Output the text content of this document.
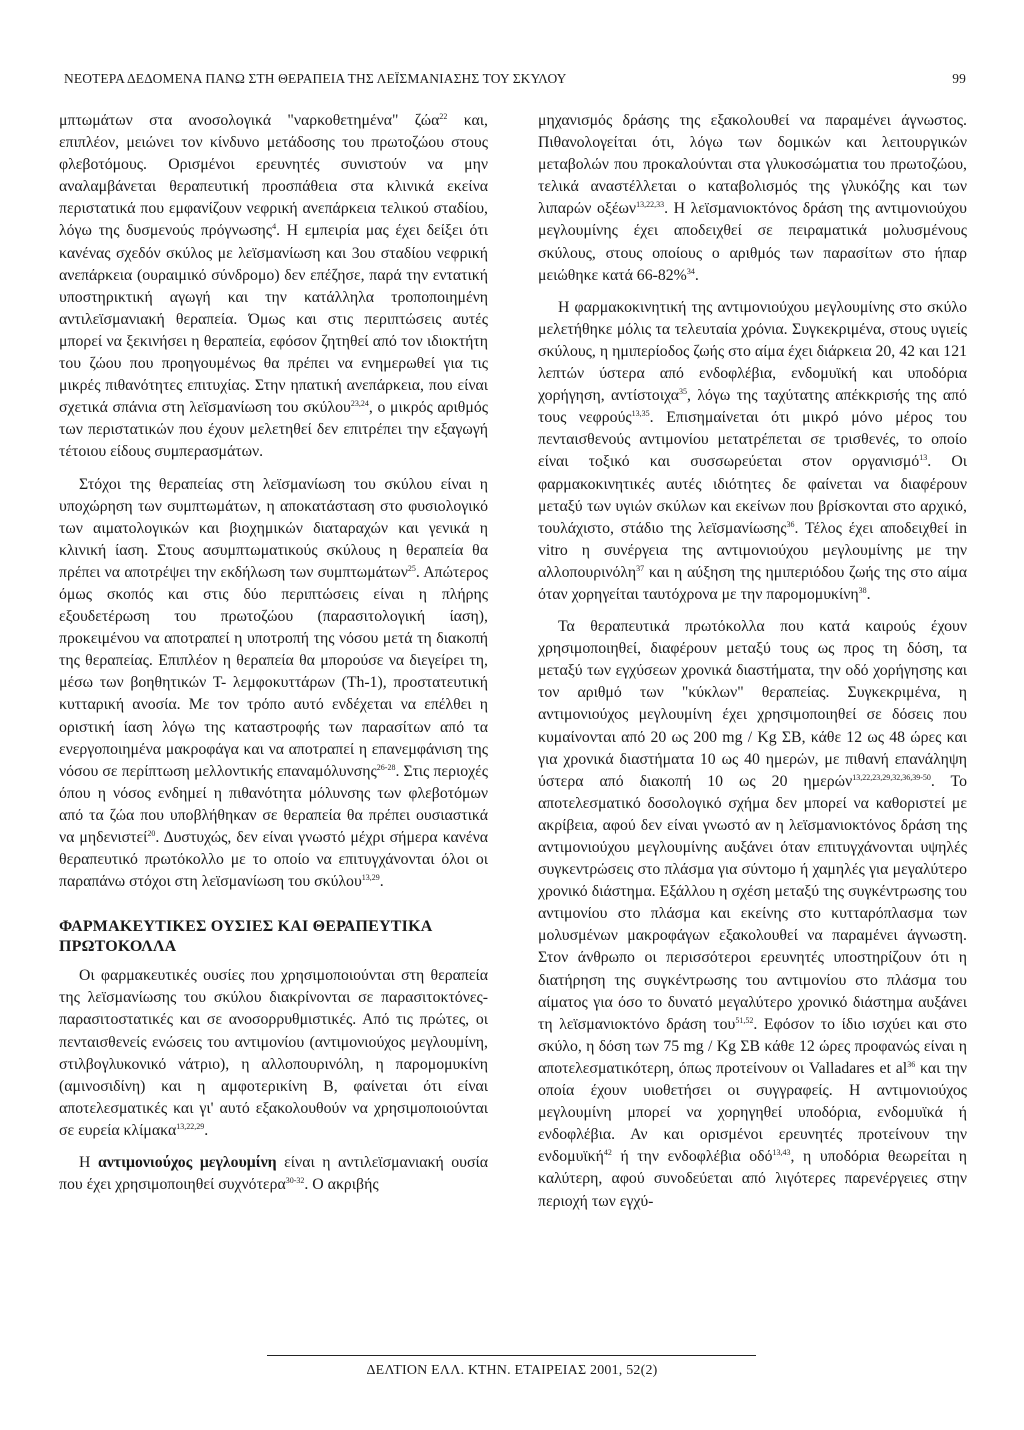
ΝΕΟΤΕΡΑ ΔΕΔΟΜΕΝΑ ΠΑΝΩ ΣΤΗ ΘΕΡΑΠΕΙΑ ΤΗΣ ΛΕΪΣΜΑΝΙΑΣΗΣ ΤΟΥ ΣΚΥΛΟΥ	99

μπτωμάτων στα ανοσολογικά "ναρκοθετημένα" ζώα$^{22}$ και, επιπλέον, μειώνει τον κίνδυνο μετάδοσης του πρωτοζώου στους φλεβοτόμους. Ορισμένοι ερευνητές συνιστούν να μην αναλαμβάνεται θεραπευτική προσπάθεια στα κλινικά εκείνα περιστατικά που εμφανίζουν νεφρική ανεπάρκεια τελικού σταδίου, λόγω της δυσμενούς πρόγνωσης$^4$. Η εμπειρία μας έχει δείξει ότι κανένας σχεδόν σκύλος με λεϊσμανίωση και 3ου σταδίου νεφρική ανεπάρκεια (ουραιμικό σύνδρομο) δεν επέζησε, παρά την εντατική υποστηρικτική αγωγή και την κατάλληλα τροποποιημένη αντιλεϊσμανιακή θεραπεία. Όμως και στις περιπτώσεις αυτές μπορεί να ξεκινήσει η θεραπεία, εφόσον ζητηθεί από τον ιδιοκτήτη του ζώου που προηγουμένως θα πρέπει να ενημερωθεί για τις μικρές πιθανότητες επιτυχίας. Στην ηπατική ανεπάρκεια, που είναι σχετικά σπάνια στη λεϊσμανίωση του σκύλου$^{23,24}$, ο μικρός αριθμός των περιστατικών που έχουν μελετηθεί δεν επιτρέπει την εξαγωγή τέτοιου είδους συμπερασμάτων.

Στόχοι της θεραπείας στη λεϊσμανίωση του σκύλου είναι η υποχώρηση των συμπτωμάτων, η αποκατάσταση στο φυσιολογικό των αιματολογικών και βιοχημικών διαταραχών και γενικά η κλινική ίαση. Στους ασυμπτωματικούς σκύλους η θεραπεία θα πρέπει να αποτρέψει την εκδήλωση των συμπτωμάτων$^{25}$. Απώτερος όμως σκοπός και στις δύο περιπτώσεις είναι η πλήρης εξουδετέρωση του πρωτοζώου (παρασιτολογική ίαση), προκειμένου να αποτραπεί η υποτροπή της νόσου μετά τη διακοπή της θεραπείας. Επιπλέον η θεραπεία θα μπορούσε να διεγείρει τη, μέσω των βοηθητικών Τ- λεμφοκυττάρων (Th-1), προστατευτική κυτταρική ανοσία. Με τον τρόπο αυτό ενδέχεται να επέλθει η οριστική ίαση λόγω της καταστροφής των παρασίτων από τα ενεργοποιημένα μακροφάγα και να αποτραπεί η επανεμφάνιση της νόσου σε περίπτωση μελλοντικής επαναμόλυνσης$^{26-28}$. Στις περιοχές όπου η νόσος ενδημεί η πιθανότητα μόλυνσης των φλεβοτόμων από τα ζώα που υποβλήθηκαν σε θεραπεία θα πρέπει ουσιαστικά να μηδενιστεί$^{20}$. Δυστυχώς, δεν είναι γνωστό μέχρι σήμερα κανένα θεραπευτικό πρωτόκολλο με το οποίο να επιτυγχάνονται όλοι οι παραπάνω στόχοι στη λεϊσμανίωση του σκύλου$^{13,29}$.

ΦΑΡΜΑΚΕΥΤΙΚΕΣ ΟΥΣΙΕΣ ΚΑΙ ΘΕΡΑΠΕΥΤΙΚΑ ΠΡΩΤΟΚΟΛΛΑ

Οι φαρμακευτικές ουσίες που χρησιμοποιούνται στη θεραπεία της λεϊσμανίωσης του σκύλου διακρίνονται σε παρασιτοκτόνες-παρασιτοστατικές και σε ανοσορρυθμιστικές. Από τις πρώτες, οι πενταισθενείς ενώσεις του αντιμονίου (αντιμονιούχος μεγλουμίνη, στιλβογλυκονικό νάτριο), η αλλοπουρινόλη, η παρομομυκίνη (αμινοσιδίνη) και η αμφοτερικίνη Β, φαίνεται ότι είναι αποτελεσματικές και γι' αυτό εξακολουθούν να χρησιμοποιούνται σε ευρεία κλίμακα$^{13,22,29}$.

Η αντιμονιούχος μεγλουμίνη είναι η αντιλεϊσμανιακή ουσία που έχει χρησιμοποιηθεί συχνότερα$^{30-32}$. Ο ακριβής

μηχανισμός δράσης της εξακολουθεί να παραμένει άγνωστος. Πιθανολογείται ότι, λόγω των δομικών και λειτουργικών μεταβολών που προκαλούνται στα γλυκοσώματια του πρωτοζώου, τελικά αναστέλλεται ο καταβολισμός της γλυκόζης και των λιπαρών οξέων$^{13,22,33}$. Η λεϊσμανιοκτόνος δράση της αντιμονιούχου μεγλουμίνης έχει αποδειχθεί σε πειραματικά μολυσμένους σκύλους, στους οποίους ο αριθμός των παρασίτων στο ήπαρ μειώθηκε κατά 66-82%$^{34}$.

Η φαρμακοκινητική της αντιμονιούχου μεγλουμίνης στο σκύλο μελετήθηκε μόλις τα τελευταία χρόνια. Συγκεκριμένα, στους υγιείς σκύλους, η ημιπερίοδος ζωής στο αίμα έχει διάρκεια 20, 42 και 121 λεπτών ύστερα από ενδοφλέβια, ενδομυϊκή και υποδόρια χορήγηση, αντίστοιχα$^{35}$, λόγω της ταχύτατης απέκκρισής της από τους νεφρούς$^{13,35}$. Επισημαίνεται ότι μικρό μόνο μέρος του πενταισθενούς αντιμονίου μετατρέπεται σε τρισθενές, το οποίο είναι τοξικό και συσσωρεύεται στον οργανισμό$^{13}$. Οι φαρμακοκινητικές αυτές ιδιότητες δε φαίνεται να διαφέρουν μεταξύ των υγιών σκύλων και εκείνων που βρίσκονται στο αρχικό, τουλάχιστο, στάδιο της λεϊσμανίωσης$^{36}$. Τέλος έχει αποδειχθεί in vitro η συνέργεια της αντιμονιούχου μεγλουμίνης με την αλλοπουρινόλη$^{37}$ και η αύξηση της ημιπεριόδου ζωής της στο αίμα όταν χορηγείται ταυτόχρονα με την παρομομυκίνη$^{38}$.

Τα θεραπευτικά πρωτόκολλα που κατά καιρούς έχουν χρησιμοποιηθεί, διαφέρουν μεταξύ τους ως προς τη δόση, τα μεταξύ των εγχύσεων χρονικά διαστήματα, την οδό χορήγησης και τον αριθμό των "κύκλων" θεραπείας. Συγκεκριμένα, η αντιμονιούχος μεγλουμίνη έχει χρησιμοποιηθεί σε δόσεις που κυμαίνονται από 20 ως 200 mg / Kg ΣΒ, κάθε 12 ως 48 ώρες και για χρονικά διαστήματα 10 ως 40 ημερών, με πιθανή επανάληψη ύστερα από διακοπή 10 ως 20 ημερών$^{13,22,23,29,32,36,39-50}$. Το αποτελεσματικό δοσολογικό σχήμα δεν μπορεί να καθοριστεί με ακρίβεια, αφού δεν είναι γνωστό αν η λεϊσμανιοκτόνος δράση της αντιμονιούχου μεγλουμίνης αυξάνει όταν επιτυγχάνονται υψηλές συγκεντρώσεις στο πλάσμα για σύντομο ή χαμηλές για μεγαλύτερο χρονικό διάστημα. Εξάλλου η σχέση μεταξύ της συγκέντρωσης του αντιμονίου στο πλάσμα και εκείνης στο κυτταρόπλασμα των μολυσμένων μακροφάγων εξακολουθεί να παραμένει άγνωστη. Στον άνθρωπο οι περισσότεροι ερευνητές υποστηρίζουν ότι η διατήρηση της συγκέντρωσης του αντιμονίου στο πλάσμα του αίματος για όσο το δυνατό μεγαλύτερο χρονικό διάστημα αυξάνει τη λεϊσμανιοκτόνο δράση του$^{51,52}$. Εφόσον το ίδιο ισχύει και στο σκύλο, η δόση των 75 mg / Kg ΣΒ κάθε 12 ώρες προφανώς είναι η αποτελεσματικότερη, όπως προτείνουν οι Valladares et $al^{36}$ και την οποία έχουν υιοθετήσει οι συγγραφείς. Η αντιμονιούχος μεγλουμίνη μπορεί να χορηγηθεί υποδόρια, ενδομυϊκά ή ενδοφλέβια. Αν και ορισμένοι ερευνητές προτείνουν την ενδομυϊκή$^{42}$ ή την ενδοφλέβια οδό$^{13,43}$, η υποδόρια θεωρείται η καλύτερη, αφού συνοδεύεται από λιγότερες παρενέργειες στην περιοχή των εγχύ-

ΔΕΛΤΙΟΝ ΕΛΛ. ΚΤΗΝ. ΕΤΑΙΡΕΙΑΣ 2001, 52(2)
